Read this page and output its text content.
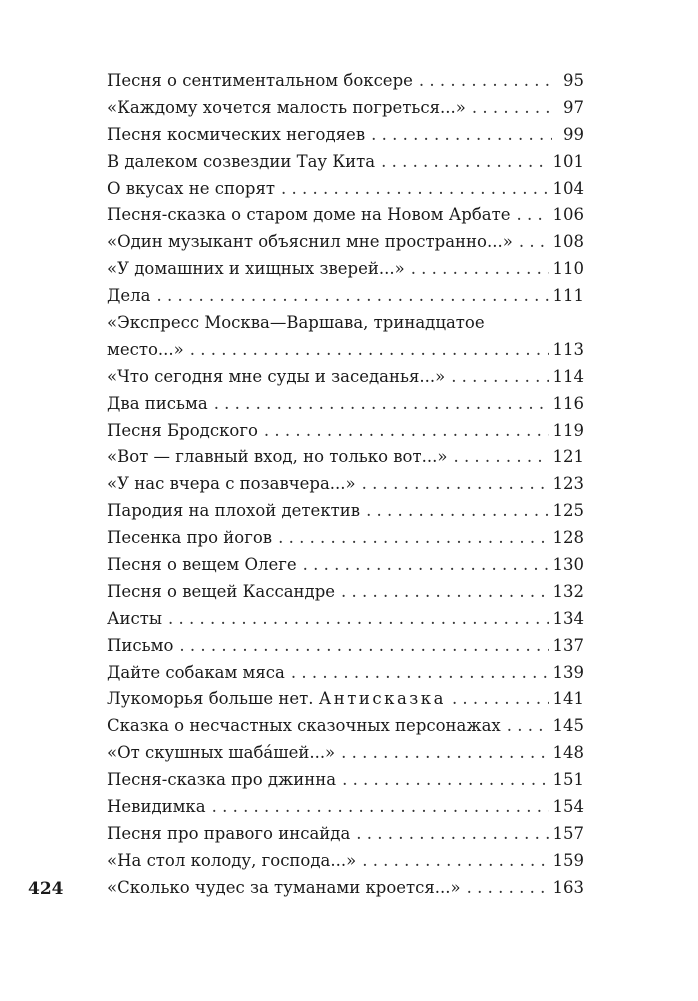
Песня о сентиментальном боксере . . .	95
«Каждому хочется малость погреться...» . . .	97
Песня космических негодяев . . .	99
В далеком созвездии Тау Кита . . .	101
О вкусах не спорят . . .	104
Песня-сказка о старом доме на Новом Арбате . . .	106
«Один музыкант объяснил мне пространно...» . . . 108
«У домашних и хищных зверей...» . . .	110
Дела . . .	111
«Экспресс Москва—Варшава, тринадцатое
место...» . . .	113
«Что сегодня мне суды и заседанья...» . . .	114
Два письма . . .	116
Песня Бродского . . .	119
«Вот — главный вход, но только вот...» . . .	121
«У нас вчера с позавчера...» . . .	123
Пародия на плохой детектив . . .	125
Песенка про йогов . . .	128
Песня о вещем Олеге . . .	130
Песня о вещей Кассандре . . .	132
Аисты . . .	134
Письмо . . .	137
Дайте собакам мяса . . .	139
Лукоморья больше нет. Антисказка . . .	141
Сказка о несчастных сказочных персонажах . . .	145
«От скушных шабáшей...» . . .	148
Песня-сказка про джинна . . .	151
Невидимка . . .	154
Песня про правого инсайда . . .	157
«На стол колоду, господа...» . . .	159
«Сколько чудес за туманами кроется...» . . .	163
424
